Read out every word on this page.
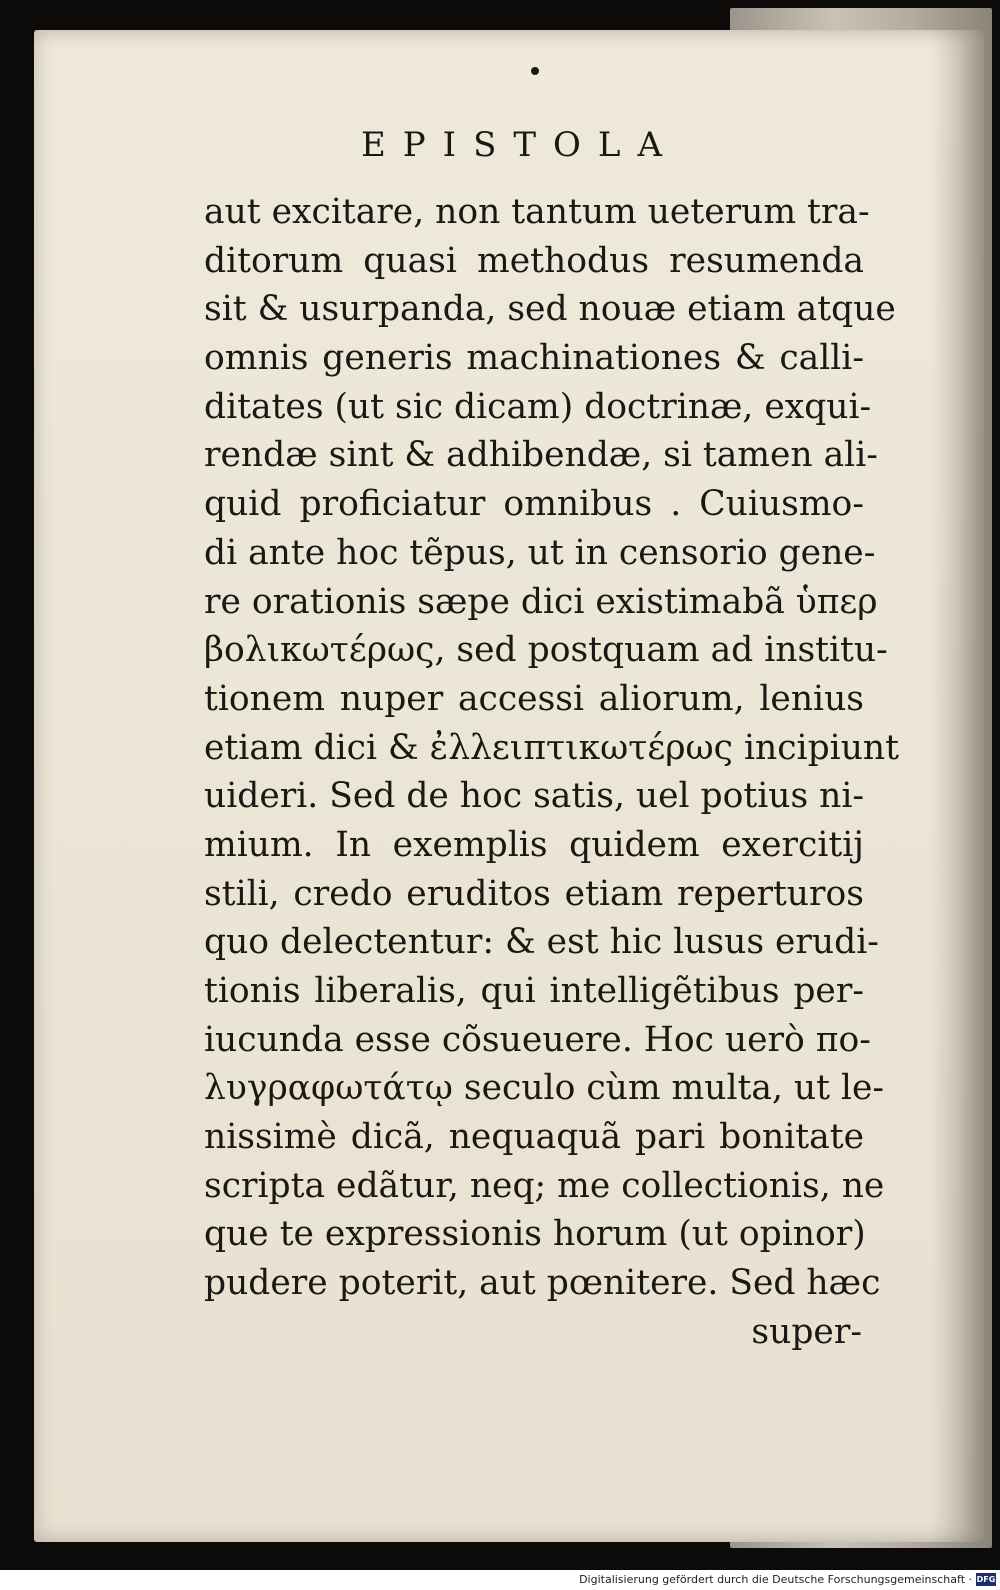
EPISTOLA
aut excitare, non tantum ueterum tra-
ditorum quasi methodus resumenda
sit & usurpanda, sed nouæ etiam atque
omnis generis machinationes & calli-
ditates (ut sic dicam) doctrinæ, exqui-
rendæ sint & adhibendæ, si tamen ali-
quid proficiatur omnibus . Cuiusmo-
di ante hoc tẽpus, ut in censorio gene-
re orationis sæpe dici existimabã ὑπερ
βολικωτέρως, sed postquam ad institu-
tionem nuper accessi aliorum, lenius
etiam dici & ἐλλειπτικωτέρως incipiunt
uideri. Sed de hoc satis, uel potius ni-
mium. In exemplis quidem exercitij
stili, credo eruditos etiam reperturos
quo delectentur: & est hic lusus erudi-
tionis liberalis, qui intelligẽtibus per-
iucunda esse cõsueuere. Hoc uerò πο-
λυγραφωτάτῳ seculo cùm multa, ut le-
nissimè dicã, nequaquã pari bonitate
scripta edãtur, neq; me collectionis, ne
que te expressionis horum (ut opinor)
pudere poterit, aut pœnitere. Sed hæc
super-
Digitalisierung gefördert durch die Deutsche Forschungsgemeinschaft · DFG
